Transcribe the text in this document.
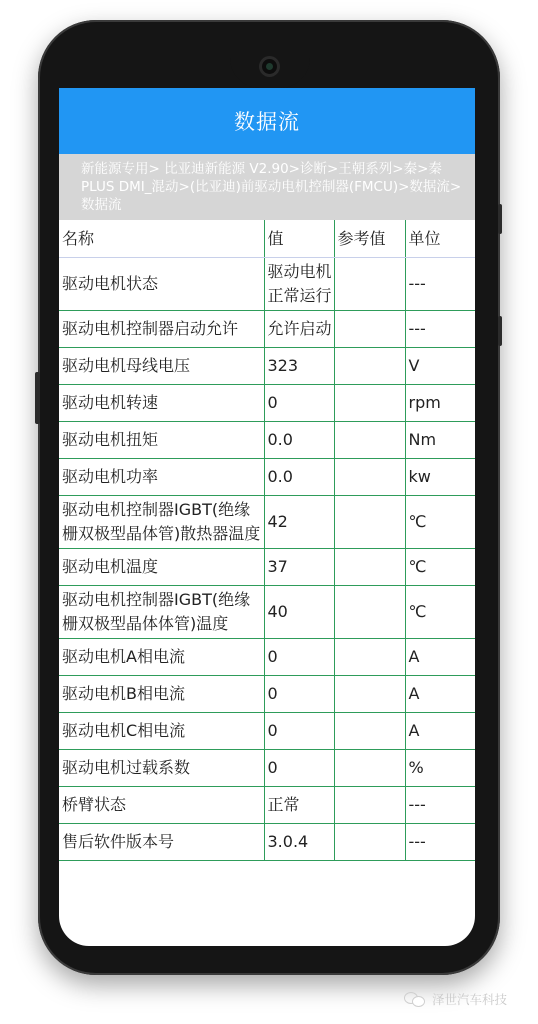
数据流
新能源专用> 比亚迪新能源 V2.90>诊断>王朝系列>秦>秦PLUS DMI_混动>(比亚迪)前驱动电机控制器(FMCU)>数据流>数据流
名称	值	参考值	单位
驱动电机状态	驱动电机正常运行		---
驱动电机控制器启动允许	允许启动		---
驱动电机母线电压	323		V
驱动电机转速	0		rpm
驱动电机扭矩	0.0		Nm
驱动电机功率	0.0		kw
驱动电机控制器IGBT(绝缘栅双极型晶体管)散热器温度	42		℃
驱动电机温度	37		℃
驱动电机控制器IGBT(绝缘栅双极型晶体体管)温度	40		℃
驱动电机A相电流	0		A
驱动电机B相电流	0		A
驱动电机C相电流	0		A
驱动电机过载系数	0		%
桥臂状态	正常		---
售后软件版本号	3.0.4		---
泽世汽车科技
